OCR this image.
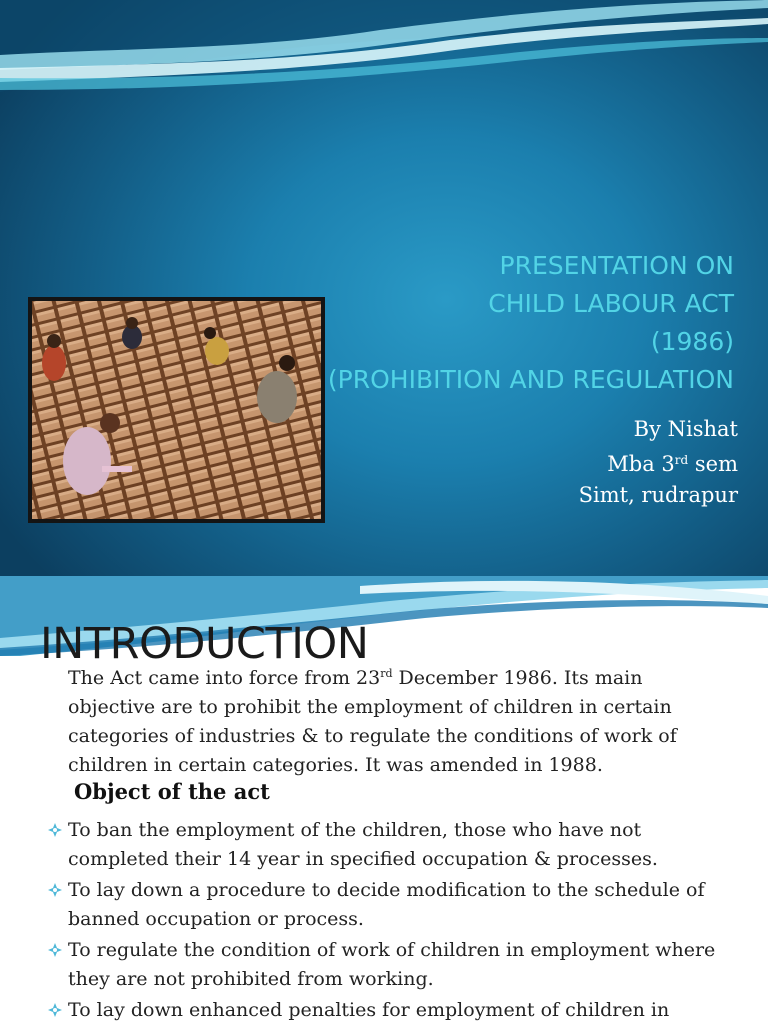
PRESENTATION ON
CHILD LABOUR ACT
(1986)
(PROHIBITION AND REGULATION
By Nishat
Mba 3rd sem
Simt, rudrapur
INTRODUCTION
The Act came into force from 23rd December 1986. Its main objective are to prohibit the employment of children in certain categories of industries & to regulate the conditions of work of children in certain categories. It was amended in 1988.
Object of the act
To ban the employment of the children, those who have not completed their 14 year in specified occupation & processes.
To lay down a procedure to decide modification to the schedule of banned occupation or process.
To regulate the condition of work of children in employment where they are not prohibited from working.
To lay down enhanced penalties for employment of children in
